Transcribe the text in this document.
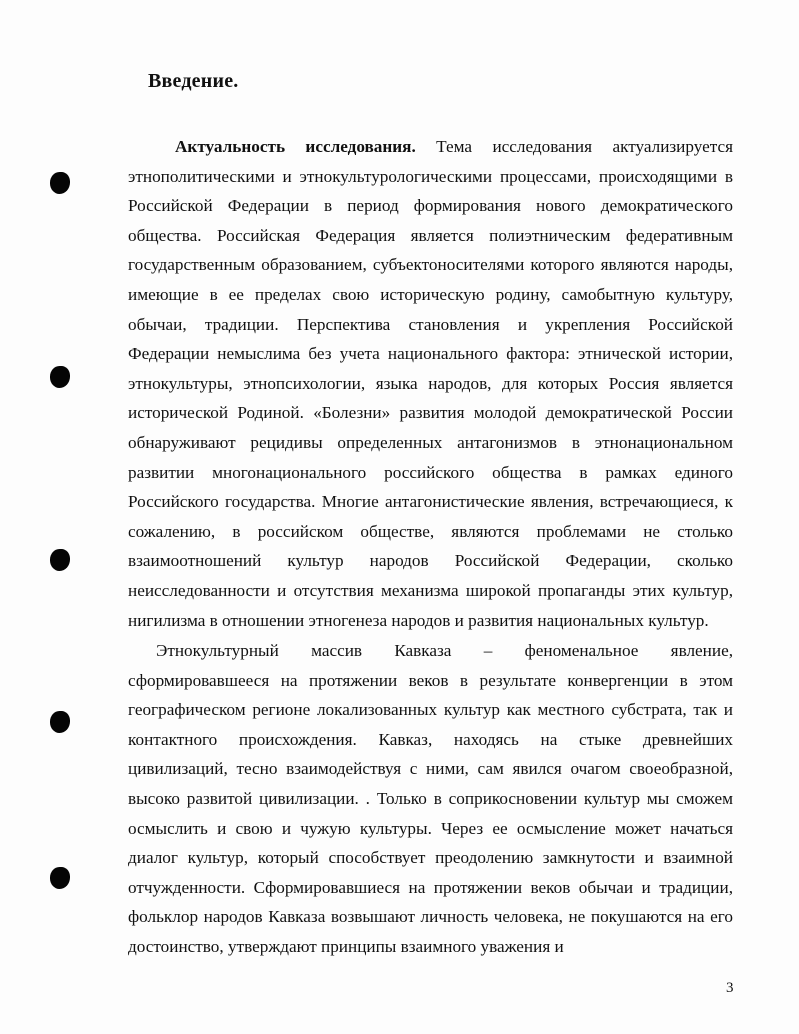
Введение.

Актуальность исследования. Тема исследования актуализируется этнополитическими и этнокультурологическими процессами, происходящими в Российской Федерации в период формирования нового демократического общества. Российская Федерация является полиэтническим федеративным государственным образованием, субъектоносителями которого являются народы, имеющие в ее пределах свою историческую родину, самобытную культуру, обычаи, традиции. Перспектива становления и укрепления Российской Федерации немыслима без учета национального фактора: этнической истории, этнокультуры, этнопсихологии, языка народов, для которых Россия является исторической Родиной. «Болезни» развития молодой демократической России обнаруживают рецидивы определенных антагонизмов в этнонациональном развитии многонационального российского общества в рамках единого Российского государства. Многие антагонистические явления, встречающиеся, к сожалению, в российском обществе, являются проблемами не столько взаимоотношений культур народов Российской Федерации, сколько неисследованности и отсутствия механизма широкой пропаганды этих культур, нигилизма в отношении этногенеза народов и развития национальных культур.

Этнокультурный массив Кавказа – феноменальное явление, сформировавшееся на протяжении веков в результате конвергенции в этом географическом регионе локализованных культур как местного субстрата, так и контактного происхождения. Кавказ, находясь на стыке древнейших цивилизаций, тесно взаимодействуя с ними, сам явился очагом своеобразной, высоко развитой цивилизации. . Только в соприкосновении культур мы сможем осмыслить и свою и чужую культуры. Через ее осмысление может начаться диалог культур, который способствует преодолению замкнутости и взаимной отчужденности. Сформировавшиеся на протяжении веков обычаи и традиции, фольклор народов Кавказа возвышают личность человека, не покушаются на его достоинство, утверждают принципы взаимного уважения и

3
